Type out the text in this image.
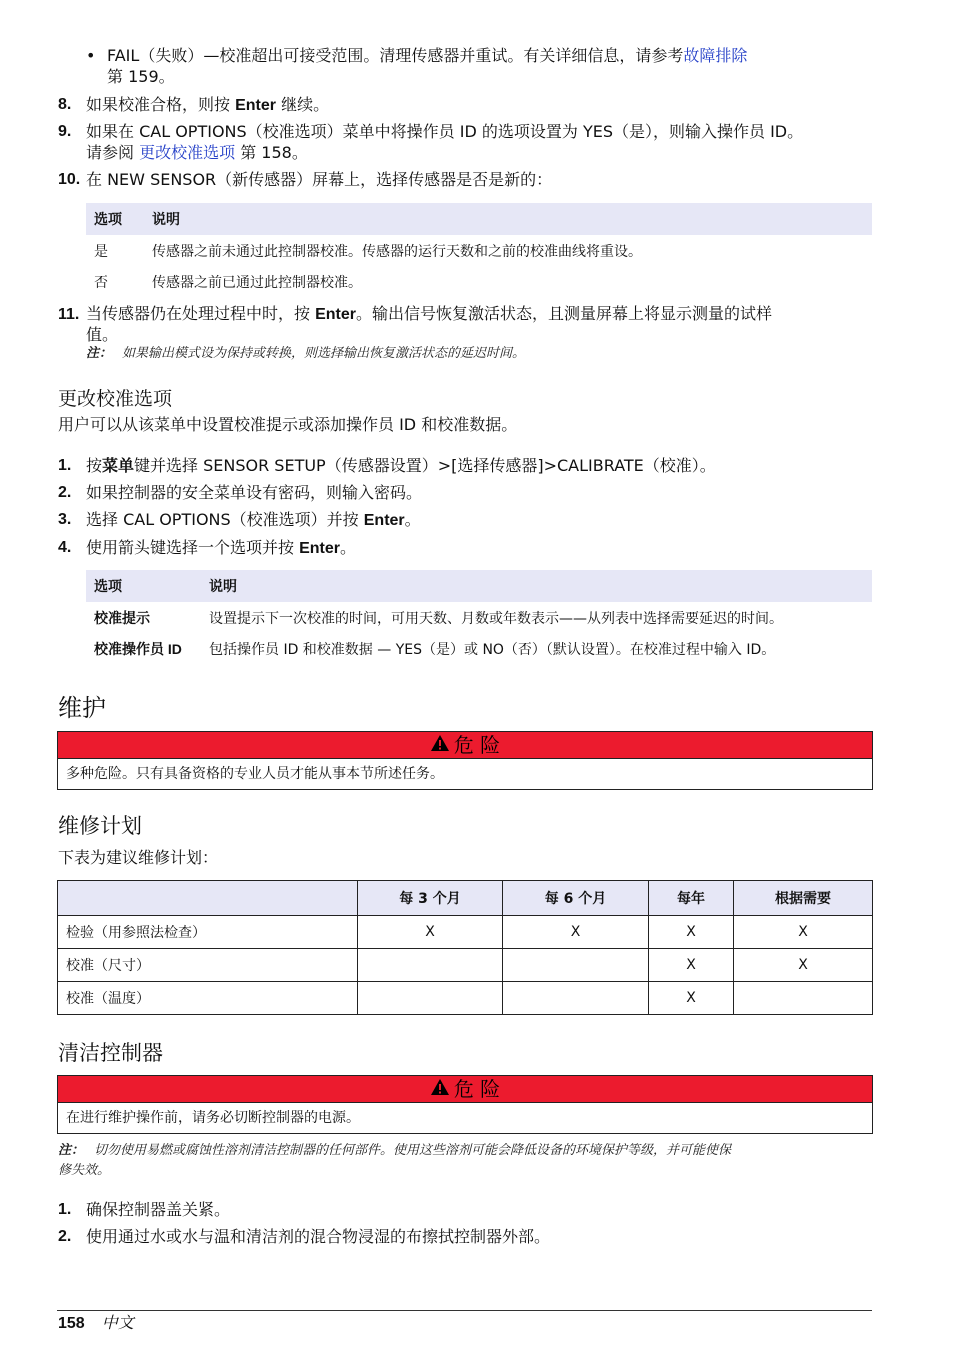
• FAIL（失败）—校准超出可接受范围。清理传感器并重试。有关详细信息，请参考故障排除
第 159。
8. 如果校准合格，则按 Enter 继续。
9. 如果在 CAL OPTIONS（校准选项）菜单中将操作员 ID 的选项设置为 YES（是），则输入操作员 ID。
请参阅 更改校准选项 第 158。
10. 在 NEW SENSOR（新传感器）屏幕上，选择传感器是否是新的：
选项	说明
是	传感器之前未通过此控制器校准。传感器的运行天数和之前的校准曲线将重设。
否	传感器之前已通过此控制器校准。
11. 当传感器仍在处理过程中时，按 Enter。输出信号恢复激活状态，且测量屏幕上将显示测量的试样
值。
注： 如果输出模式设为保持或转换，则选择输出恢复激活状态的延迟时间。
更改校准选项
用户可以从该菜单中设置校准提示或添加操作员 ID 和校准数据。
1. 按菜单键并选择 SENSOR SETUP（传感器设置）>[选择传感器]>CALIBRATE（校准）。
2. 如果控制器的安全菜单设有密码，则输入密码。
3. 选择 CAL OPTIONS（校准选项）并按 Enter。
4. 使用箭头键选择一个选项并按 Enter。
选项	说明
校准提示	设置提示下一次校准的时间，可用天数、月数或年数表示——从列表中选择需要延迟的时间。
校准操作员 ID	包括操作员 ID 和校准数据 — YES（是）或 NO（否）（默认设置）。在校准过程中输入 ID。
维护
危 险
多种危险。只有具备资格的专业人员才能从事本节所述任务。
维修计划
下表为建议维修计划：
	每 3 个月	每 6 个月	每年	根据需要
检验（用参照法检查）	X	X	X	X
校准（尺寸）			X	X
校准（温度）			X	
清洁控制器
危 险
在进行维护操作前，请务必切断控制器的电源。
注： 切勿使用易燃或腐蚀性溶剂清洁控制器的任何部件。使用这些溶剂可能会降低设备的环境保护等级，并可能使保
修失效。
1. 确保控制器盖关紧。
2. 使用通过水或水与温和清洁剂的混合物浸湿的布擦拭控制器外部。
158 中文
